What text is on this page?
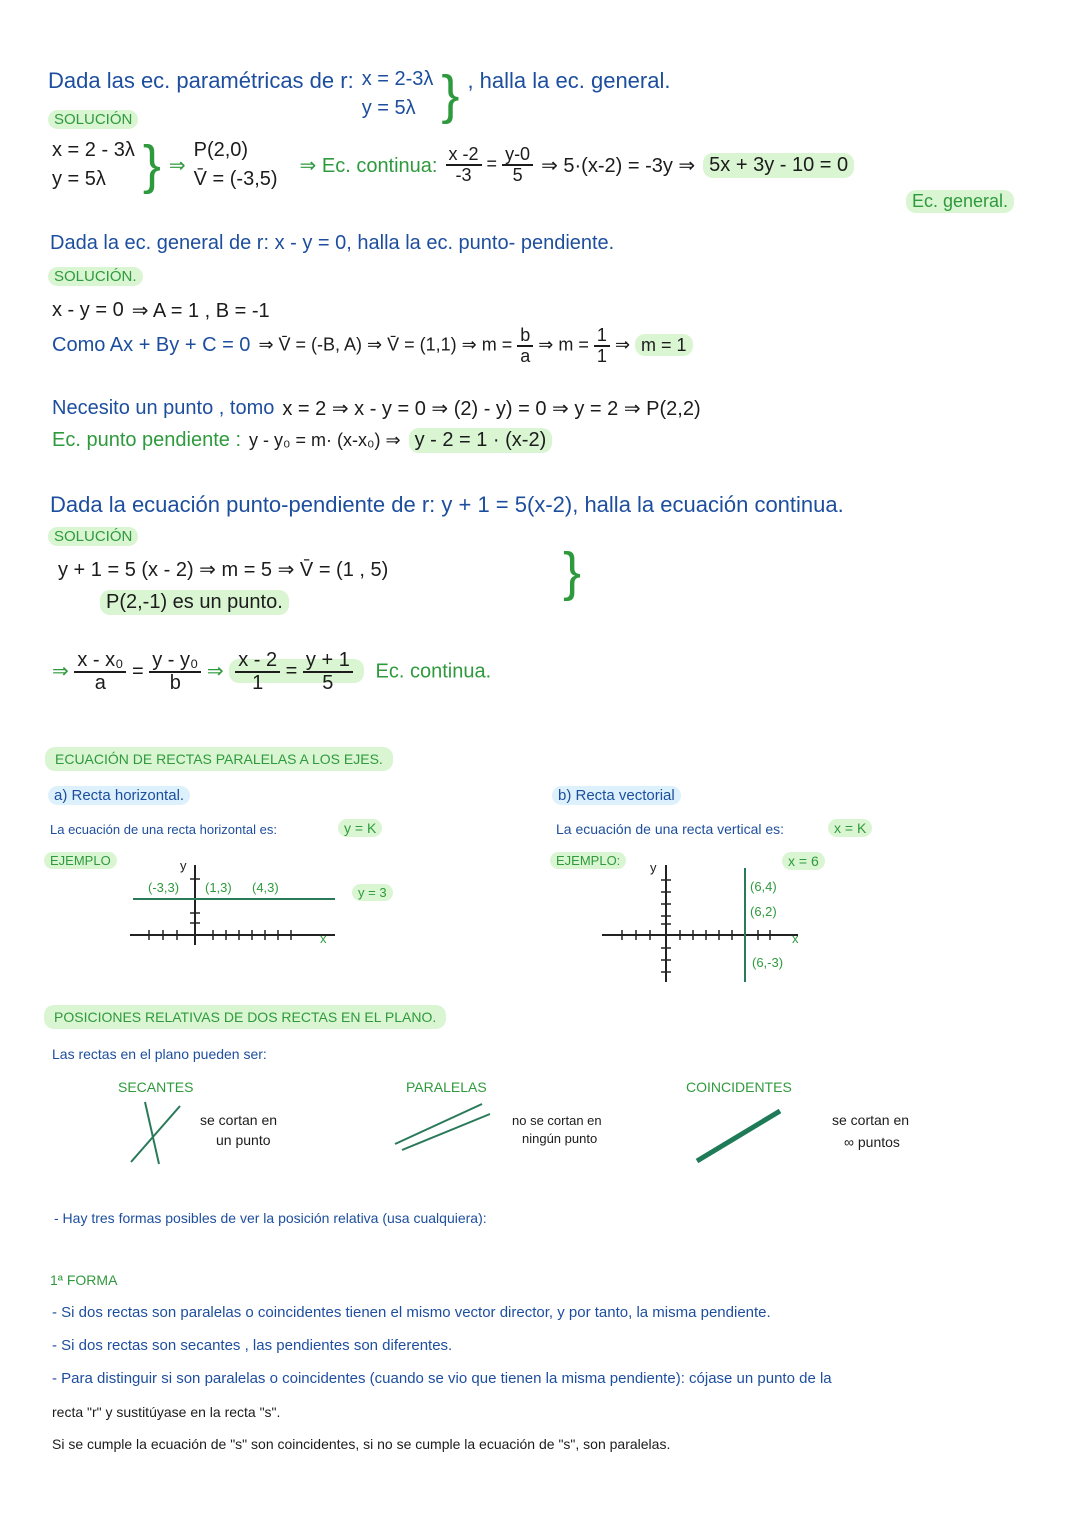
Dada las ec. paramétricas de r: x = 2-3λ
y = 5λ } , halla la ec. general.
SOLUCIÓN
x = 2 - 3λ
y = 5λ } ⇒
P(2,0)
V̄ = (-3,5)
⇒ Ec. continua: $\frac{x -2}{-3} = \frac{y-0}{5}$ ⇒ 5·(x-2) = -3y ⇒ 5x + 3y - 10 = 0
Ec. general.
Dada la ec. general de r: x - y = 0, halla la ec. punto- pendiente.
SOLUCIÓN.
x - y = 0 ⇒ A = 1 , B = -1
Como Ax + By + C = 0 ⇒ V̄ = (-B, A) ⇒ V̄ = (1,1) ⇒ $m = \frac{b}{a}$ ⇒ $m = \frac{1}{1}$ ⇒ m = 1
Necesito un punto , tomo x = 2 ⇒ x - y = 0 ⇒ (2) - y) = 0 ⇒ y = 2 ⇒ P(2,2)
Ec. punto pendiente : y - y₀ = m· (x-x₀) ⇒ y - 2 = 1 · (x-2)
Dada la ecuación punto-pendiente de r: y + 1 = 5(x-2), halla la ecuación continua.
SOLUCIÓN
y + 1 = 5 (x - 2) ⇒ m = 5 ⇒ V̄ = (1 , 5)	}
P(2,-1) es un punto.
⇒ $\frac{\text{x - x₀}}{a} = \frac{\text{y - y₀}}{b}$ ⇒ $\frac{x - 2}{1} = \frac{y + 1}{5} Ec$. continua.
ECUACIÓN DE RECTAS PARALELAS A LOS EJES.
a) Recta horizontal.
La ecuación de una recta horizontal es:	y = K
EJEMPLO	y
x
(-3,3) (1,3) (4,3)	y = 3
b) Recta vectorial
La ecuación de una recta vertical es:	x = K
EJEMPLO:	y
x
x = 6
(6,4)
(6,2)
(6,-3)
POSICIONES RELATIVAS DE DOS RECTAS EN EL PLANO.
Las rectas en el plano pueden ser:
SECANTES
se cortan en
un punto
PARALELAS
no se cortan en
ningún punto
COINCIDENTES
se cortan en
∞ puntos
- Hay tres formas posibles de ver la posición relativa (usa cualquiera):
1ª FORMA
- Si dos rectas son paralelas o coincidentes tienen el mismo vector director, y por tanto, la misma pendiente.
- Si dos rectas son secantes , las pendientes son diferentes.
- Para distinguir si son paralelas o coincidentes (cuando se vio que tienen la misma pendiente): cójase un punto de la
recta "r" y sustitúyase en la recta "s".
Si se cumple la ecuación de "s" son coincidentes, si no se cumple la ecuación de "s", son paralelas.
